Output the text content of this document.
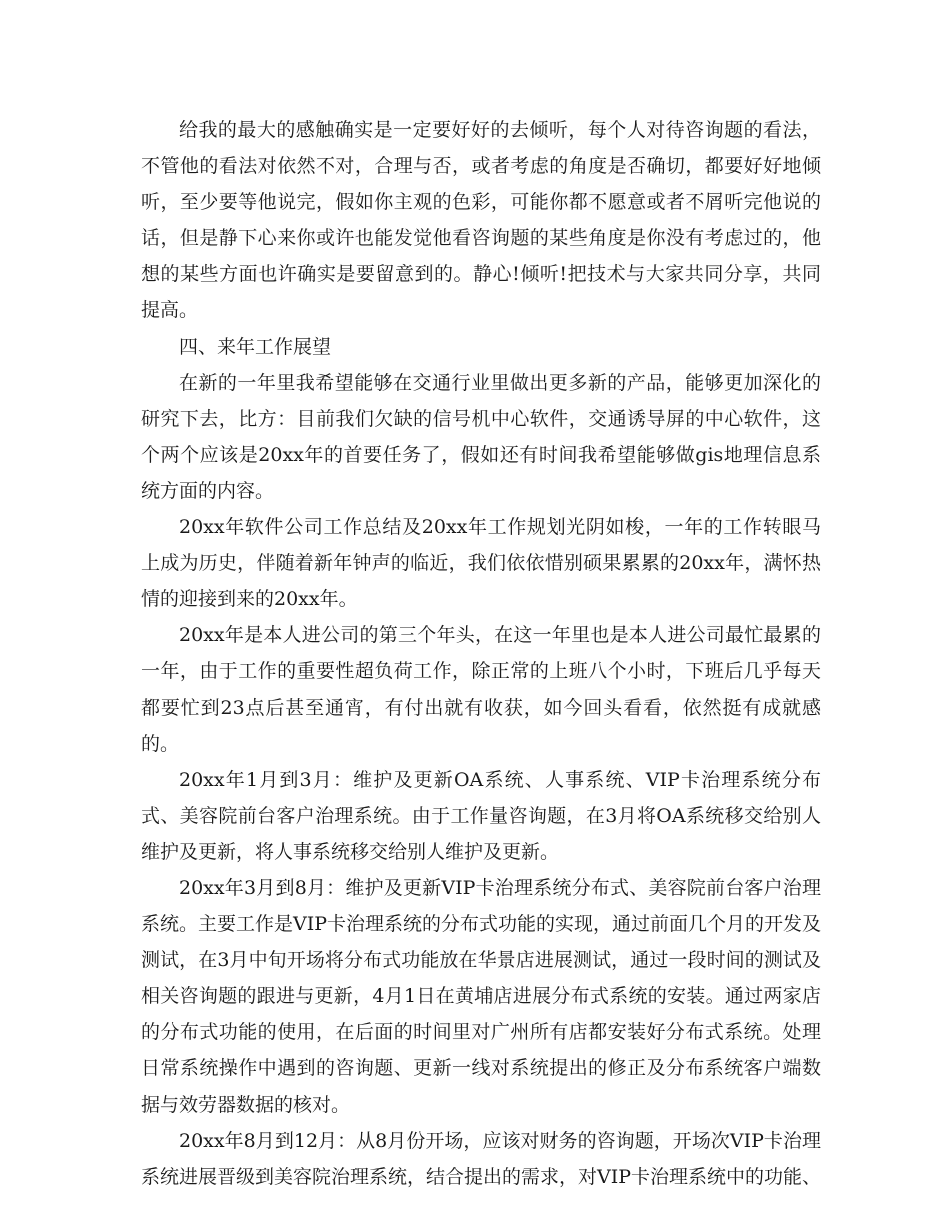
给我的最大的感触确实是一定要好好的去倾听，每个人对待咨询题的看法，不管他的看法对依然不对，合理与否，或者考虑的角度是否确切，都要好好地倾听，至少要等他说完，假如你主观的色彩，可能你都不愿意或者不屑听完他说的话，但是静下心来你或许也能发觉他看咨询题的某些角度是你没有考虑过的，他想的某些方面也许确实是要留意到的。静心!倾听!把技术与大家共同分享，共同提高。

四、来年工作展望

在新的一年里我希望能够在交通行业里做出更多新的产品，能够更加深化的研究下去，比方：目前我们欠缺的信号机中心软件，交通诱导屏的中心软件，这个两个应该是20xx年的首要任务了，假如还有时间我希望能够做gis地理信息系统方面的内容。

20xx年软件公司工作总结及20xx年工作规划光阴如梭，一年的工作转眼马上成为历史，伴随着新年钟声的临近，我们依依惜别硕果累累的20xx年，满怀热情的迎接到来的20xx年。

20xx年是本人进公司的第三个年头，在这一年里也是本人进公司最忙最累的一年，由于工作的重要性超负荷工作，除正常的上班八个小时，下班后几乎每天都要忙到23点后甚至通宵，有付出就有收获，如今回头看看，依然挺有成就感的。

20xx年1月到3月：维护及更新OA系统、人事系统、VIP卡治理系统分布式、美容院前台客户治理系统。由于工作量咨询题，在3月将OA系统移交给别人维护及更新，将人事系统移交给别人维护及更新。

20xx年3月到8月：维护及更新VIP卡治理系统分布式、美容院前台客户治理系统。主要工作是VIP卡治理系统的分布式功能的实现，通过前面几个月的开发及测试，在3月中旬开场将分布式功能放在华景店进展测试，通过一段时间的测试及相关咨询题的跟进与更新，4月1日在黄埔店进展分布式系统的安装。通过两家店的分布式功能的使用，在后面的时间里对广州所有店都安装好分布式系统。处理日常系统操作中遇到的咨询题、更新一线对系统提出的修正及分布系统客户端数据与效劳器数据的核对。

20xx年8月到12月：从8月份开场，应该对财务的咨询题，开场次VIP卡治理系统进展晋级到美容院治理系统，结合提出的需求，对VIP卡治理系统中的功能、
